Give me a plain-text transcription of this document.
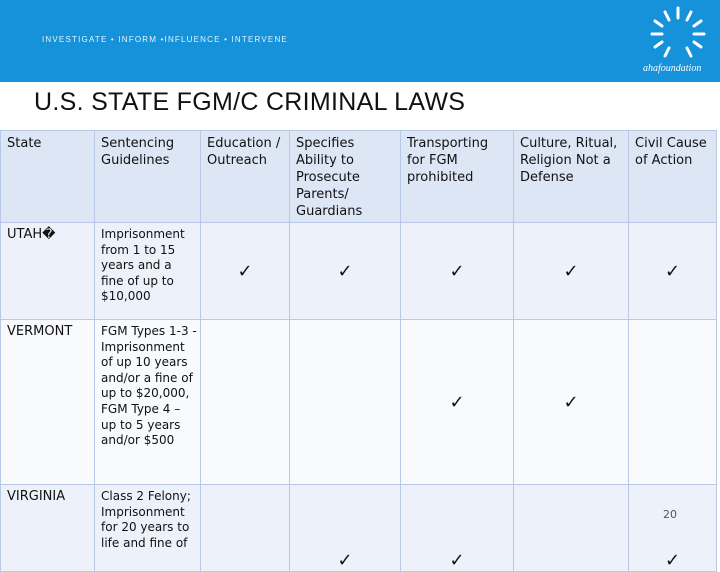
INVESTIGATE • INFORM •INFLUENCE • INTERVENE
ahafoundation
U.S. STATE FGM/C CRIMINAL LAWS
State	Sentencing Guidelines	Education / Outreach	Specifies Ability to Prosecute Parents/ Guardians	Transporting for FGM prohibited	Culture, Ritual, Religion Not a Defense	Civil Cause of Action
UTAH�	Imprisonment from 1 to 15 years and a fine of up to $10,000	✓	✓	✓	✓	✓
VERMONT	FGM Types 1-3 - Imprisonment of up 10 years and/or a fine of up to $20,000, FGM Type 4 – up to 5 years and/or $500			✓	✓	
VIRGINIA	Class 2 Felony; Imprisonment for 20 years to life and fine of		✓	✓		✓
20
